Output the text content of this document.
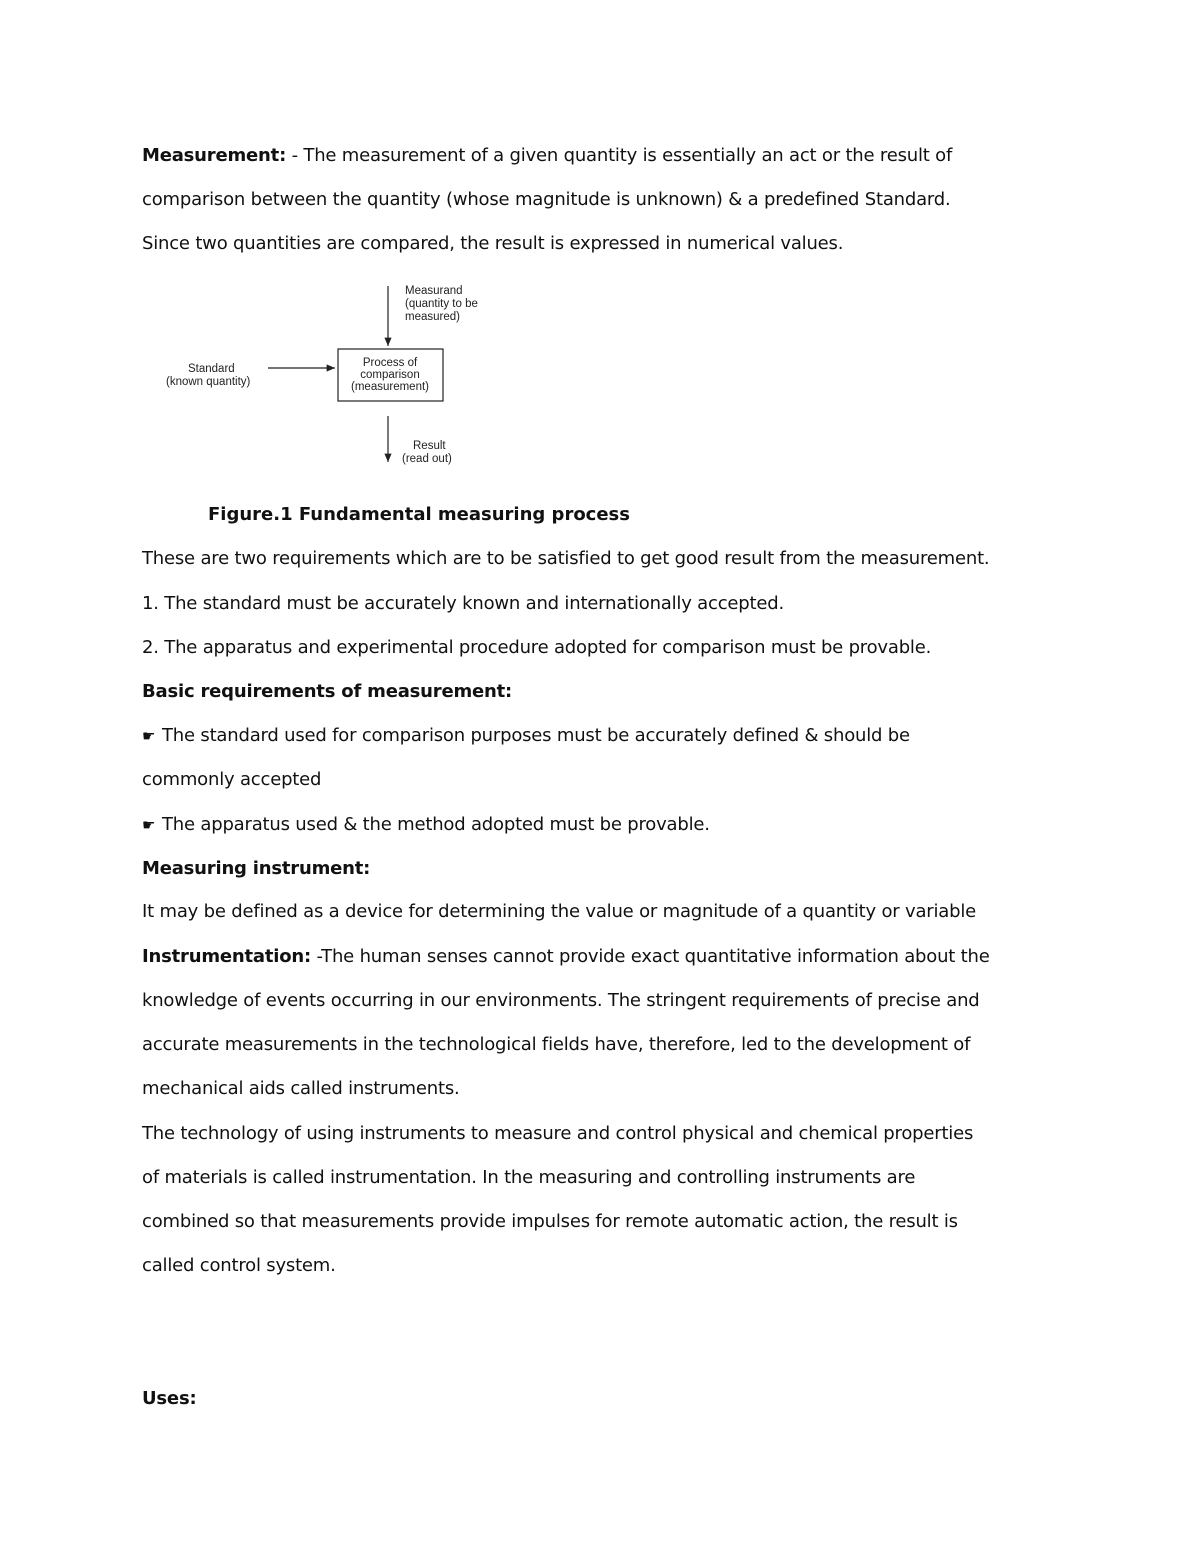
Measurement: - The measurement of a given quantity is essentially an act or the result of
comparison between the quantity (whose magnitude is unknown) & a predefined Standard.
Since two quantities are compared, the result is expressed in numerical values.
Measurand
(quantity to be
measured)
Standard
(known quantity)
Process of
comparison
(measurement)
Result
(read out)
Figure.1 Fundamental measuring process
These are two requirements which are to be satisfied to get good result from the measurement.
1. The standard must be accurately known and internationally accepted.
2. The apparatus and experimental procedure adopted for comparison must be provable.
Basic requirements of measurement:
☛ The standard used for comparison purposes must be accurately defined & should be
commonly accepted
☛ The apparatus used & the method adopted must be provable.
Measuring instrument:
It may be defined as a device for determining the value or magnitude of a quantity or variable
Instrumentation: -The human senses cannot provide exact quantitative information about the
knowledge of events occurring in our environments. The stringent requirements of precise and
accurate measurements in the technological fields have, therefore, led to the development of
mechanical aids called instruments.
The technology of using instruments to measure and control physical and chemical properties
of materials is called instrumentation. In the measuring and controlling instruments are
combined so that measurements provide impulses for remote automatic action, the result is
called control system.
Uses:
